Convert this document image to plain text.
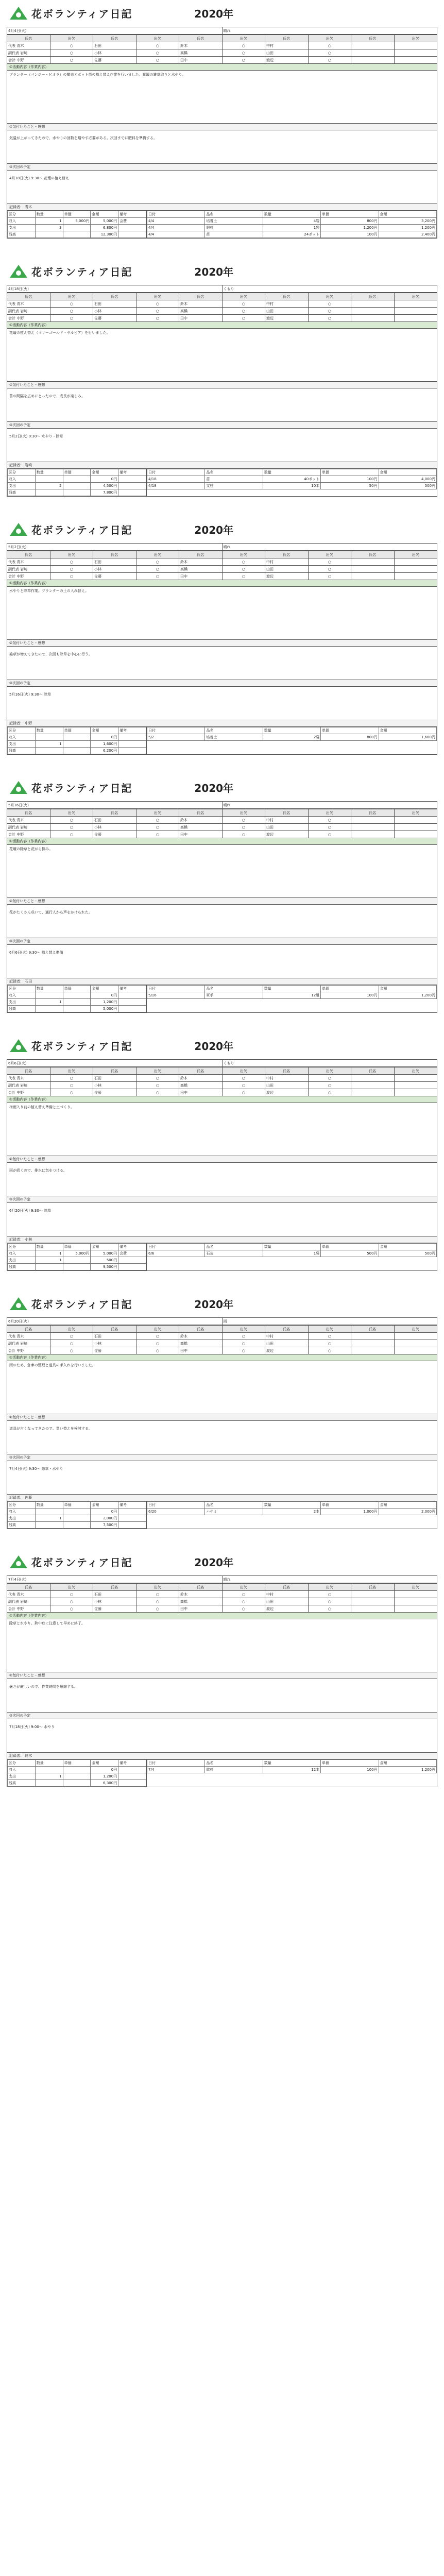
花ボランティア日記	2020年
4月4日(火)	晴れ
氏名	出欠	氏名	出欠	氏名	出欠	氏名	出欠	氏名	出欠
代表 青木	○	石田	○	鈴木	○	中村	○		
副代表 岩崎	○	小林	○	高橋	○	山田	○		
会計 中野	○	佐藤	○	田中	○	渡辺	○		
①活動内容（作業内容）

プランター（パンジー・ビオラ）の撤去とポット苗の植え替え作業を行いました。花壇の雑草取りと水やり。

②気付いたこと・感想

気温が上がってきたので、水やりの回数を増やす必要がある。次回までに肥料を準備する。

③次回の予定

4月18日(火) 9:30～ 花壇の植え替え

記録者： 青木
区分	数量	単価	金額	備考
収入	1	5,000円	5,000円	会費
支出	3		6,800円	
残高			12,300円	
日付	品名	数量	単価	金額
4/4	培養土	4袋	800円	3,200円
4/4	肥料	1袋	1,200円	1,200円
4/4	苗	24ポット	100円	2,400円
花ボランティア日記	2020年
4月18日(火)	くもり
氏名	出欠	氏名	出欠	氏名	出欠	氏名	出欠	氏名	出欠
代表 青木	○	石田	○	鈴木	○	中村	○		
副代表 岩崎	○	小林	○	高橋	○	山田	○		
会計 中野	○	佐藤	○	田中	○	渡辺	○		
①活動内容（作業内容）

花壇の植え替え（マリーゴールド・サルビア）を行いました。

②気付いたこと・感想

苗の間隔を広めにとったので、成長が楽しみ。

③次回の予定

5月2日(火) 9:30～ 水やり・除草

記録者： 岩崎
区分	数量	単価	金額	備考
収入			0円	
支出	2		4,500円	
残高			7,800円	
日付	品名	数量	単価	金額
4/18	苗	40ポット	100円	4,000円
4/18	支柱	10本	50円	500円
花ボランティア日記	2020年
5月2日(火)	晴れ
氏名	出欠	氏名	出欠	氏名	出欠	氏名	出欠	氏名	出欠
代表 青木	○	石田	○	鈴木	○	中村	○		
副代表 岩崎	○	小林	○	高橋	○	山田	○		
会計 中野	○	佐藤	○	田中	○	渡辺	○		
①活動内容（作業内容）

水やりと除草作業。プランターの土の入れ替え。

②気付いたこと・感想

雑草が増えてきたので、次回も除草を中心に行う。

③次回の予定

5月16日(火) 9:30～ 除草

記録者： 中野
区分	数量	単価	金額	備考
収入			0円	
支出	1		1,600円	
残高			6,200円	
日付	品名	数量	単価	金額
5/2	培養土	2袋	800円	1,600円
花ボランティア日記	2020年
5月16日(火)	晴れ
氏名	出欠	氏名	出欠	氏名	出欠	氏名	出欠	氏名	出欠
代表 青木	○	石田	○	鈴木	○	中村	○		
副代表 岩崎	○	小林	○	高橋	○	山田	○		
会計 中野	○	佐藤	○	田中	○	渡辺	○		
①活動内容（作業内容）

花壇の除草と花がら摘み。

②気付いたこと・感想

花がたくさん咲いて、通行人から声をかけられた。

③次回の予定

6月6日(火) 9:30～ 植え替え準備

記録者： 石田
区分	数量	単価	金額	備考
収入			0円	
支出	1		1,200円	
残高			5,000円	
日付	品名	数量	単価	金額
5/16	軍手	12組	100円	1,200円
花ボランティア日記	2020年
6月6日(火)	くもり
氏名	出欠	氏名	出欠	氏名	出欠	氏名	出欠	氏名	出欠
代表 青木	○	石田	○	鈴木	○	中村	○		
副代表 岩崎	○	小林	○	高橋	○	山田	○		
会計 中野	○	佐藤	○	田中	○	渡辺	○		
①活動内容（作業内容）

梅雨入り前の植え替え準備と土づくり。

②気付いたこと・感想

雨が続くので、排水に気をつける。

③次回の予定

6月20日(火) 9:30～ 除草

記録者： 小林
区分	数量	単価	金額	備考
収入	1	5,000円	5,000円	会費
支出	1		500円	
残高			9,500円	
日付	品名	数量	単価	金額
6/6	石灰	1袋	500円	500円
花ボランティア日記	2020年
6月20日(火)	雨
氏名	出欠	氏名	出欠	氏名	出欠	氏名	出欠	氏名	出欠
代表 青木	○	石田	○	鈴木	○	中村	○		
副代表 岩崎	○	小林	○	高橋	○	山田	○		
会計 中野	○	佐藤	○	田中	○	渡辺	○		
①活動内容（作業内容）

雨のため、倉庫の整理と道具の手入れを行いました。

②気付いたこと・感想

道具が古くなってきたので、買い替えを検討する。

③次回の予定

7月4日(火) 9:30～ 除草・水やり

記録者： 佐藤
区分	数量	単価	金額	備考
収入			0円	
支出	1		2,000円	
残高			7,500円	
日付	品名	数量	単価	金額
6/20	ハサミ	2本	1,000円	2,000円
花ボランティア日記	2020年
7月4日(火)	晴れ
氏名	出欠	氏名	出欠	氏名	出欠	氏名	出欠	氏名	出欠
代表 青木	○	石田	○	鈴木	○	中村	○		
副代表 岩崎	○	小林	○	高橋	○	山田	○		
会計 中野	○	佐藤	○	田中	○	渡辺	○		
①活動内容（作業内容）

除草と水やり。熱中症に注意して早めに終了。

②気付いたこと・感想

暑さが厳しいので、作業時間を短縮する。

③次回の予定

7月18日(火) 9:00～ 水やり

記録者： 鈴木
区分	数量	単価	金額	備考
収入			0円	
支出	1		1,200円	
残高			6,300円	
日付	品名	数量	単価	金額
7/4	飲料	12本	100円	1,200円
